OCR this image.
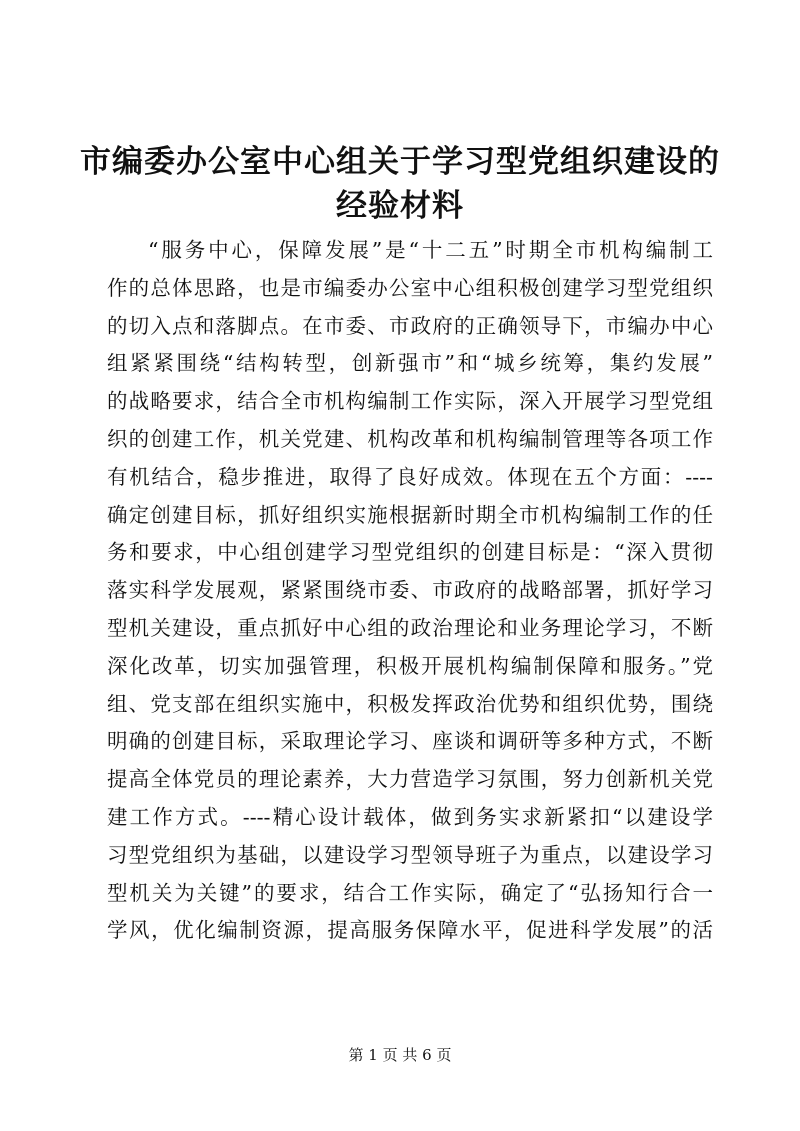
市编委办公室中心组关于学习型党组织建设的
经验材料
“服务中心，保障发展”是“十二五”时期全市机构编制工
作的总体思路，也是市编委办公室中心组积极创建学习型党组织
的切入点和落脚点。在市委、市政府的正确领导下，市编办中心
组紧紧围绕“结构转型，创新强市”和“城乡统筹，集约发展”
的战略要求，结合全市机构编制工作实际，深入开展学习型党组
织的创建工作，机关党建、机构改革和机构编制管理等各项工作
有机结合，稳步推进，取得了良好成效。体现在五个方面：----
确定创建目标，抓好组织实施根据新时期全市机构编制工作的任
务和要求，中心组创建学习型党组织的创建目标是：“深入贯彻
落实科学发展观，紧紧围绕市委、市政府的战略部署，抓好学习
型机关建设，重点抓好中心组的政治理论和业务理论学习，不断
深化改革，切实加强管理，积极开展机构编制保障和服务。”党
组、党支部在组织实施中，积极发挥政治优势和组织优势，围绕
明确的创建目标，采取理论学习、座谈和调研等多种方式，不断
提高全体党员的理论素养，大力营造学习氛围，努力创新机关党
建工作方式。----精心设计载体，做到务实求新紧扣“以建设学
习型党组织为基础，以建设学习型领导班子为重点，以建设学习
型机关为关键”的要求，结合工作实际，确定了“弘扬知行合一
学风，优化编制资源，提高服务保障水平，促进科学发展”的活
第 1 页 共 6 页
